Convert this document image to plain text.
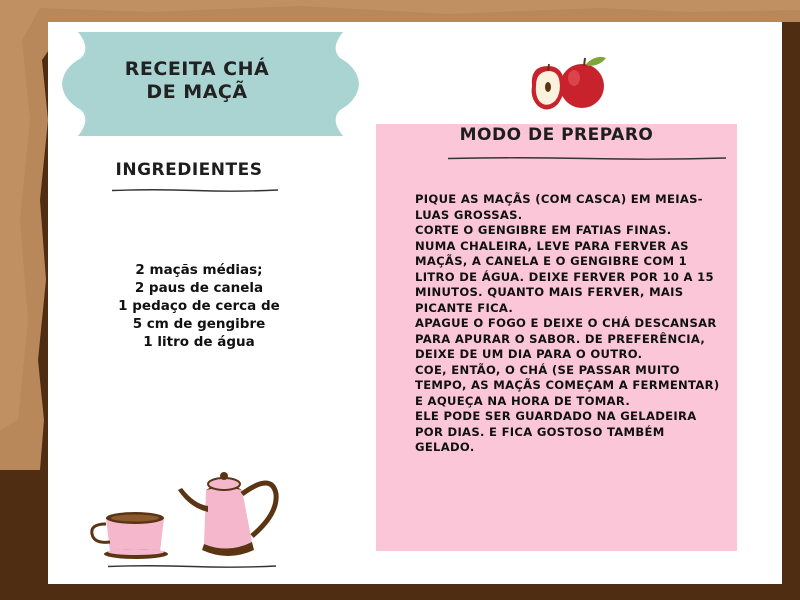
RECEITA CHÁ
DE MAÇÃ
INGREDIENTES
2 maçãs médias;
2 paus de canela
1 pedaço de cerca de
5 cm de gengibre
1 litro de água
MODO DE PREPARO
PIQUE AS MAÇÃS (COM CASCA) EM MEIAS-LUAS GROSSAS.
CORTE O GENGIBRE EM FATIAS FINAS.
NUMA CHALEIRA, LEVE PARA FERVER AS MAÇÃS, A CANELA E O GENGIBRE COM 1 LITRO DE ÁGUA. DEIXE FERVER POR 10 A 15 MINUTOS. QUANTO MAIS FERVER, MAIS PICANTE FICA.
APAGUE O FOGO E DEIXE O CHÁ DESCANSAR PARA APURAR O SABOR. DE PREFERÊNCIA, DEIXE DE UM DIA PARA O OUTRO.
COE, ENTÃO, O CHÁ (SE PASSAR MUITO TEMPO, AS MAÇÃS COMEÇAM A FERMENTAR) E AQUEÇA NA HORA DE TOMAR.
ELE PODE SER GUARDADO NA GELADEIRA POR DIAS. E FICA GOSTOSO TAMBÉM GELADO.
